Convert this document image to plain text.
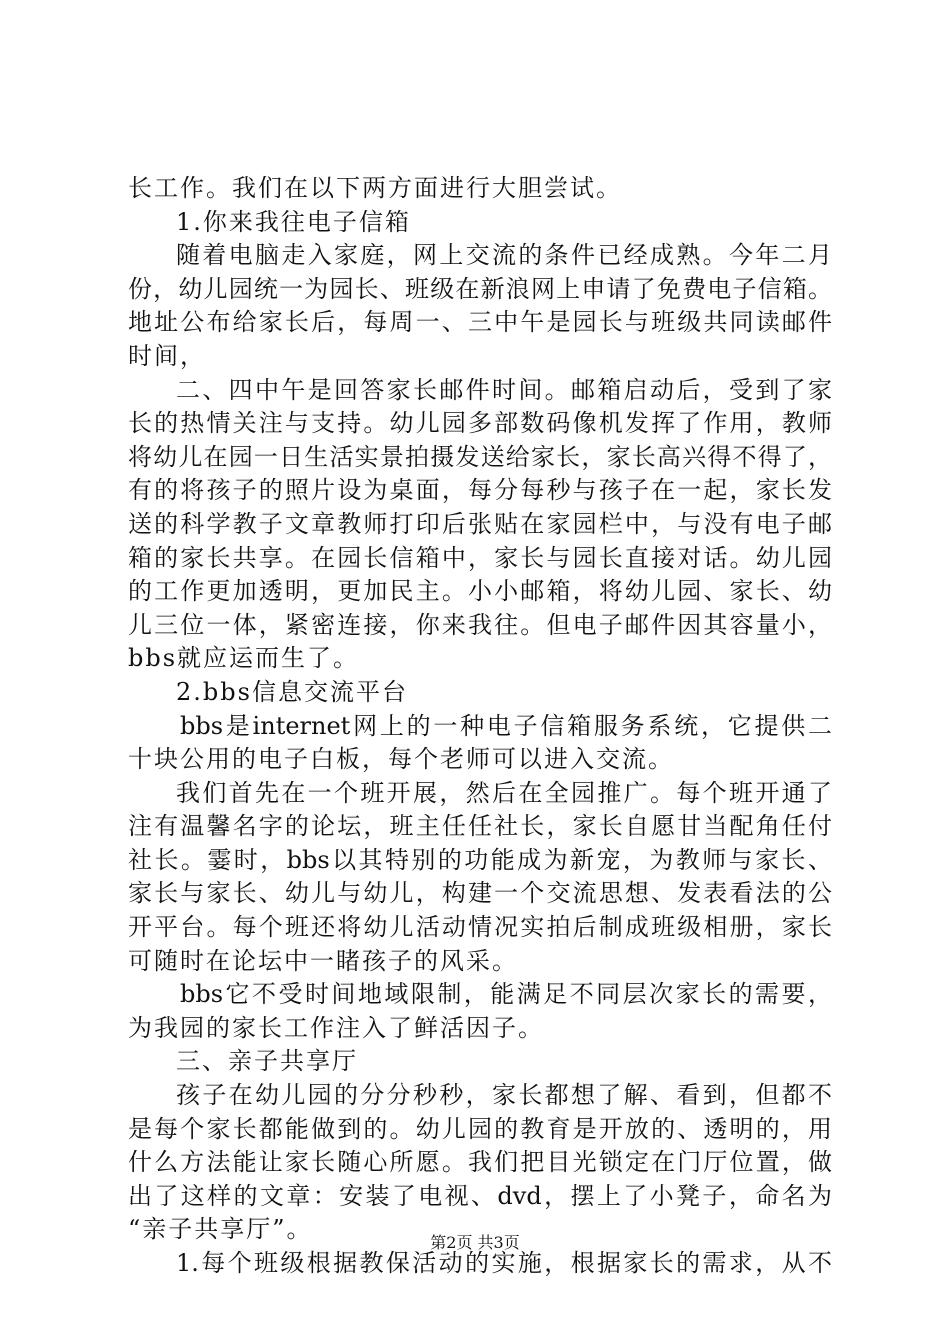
长工作。我们在以下两方面进行大胆尝试。
1.你来我往电子信箱
随着电脑走入家庭，网上交流的条件已经成熟。今年二月
份，幼儿园统一为园长、班级在新浪网上申请了免费电子信箱。
地址公布给家长后，每周一、三中午是园长与班级共同读邮件
时间，
二、四中午是回答家长邮件时间。邮箱启动后，受到了家
长的热情关注与支持。幼儿园多部数码像机发挥了作用，教师
将幼儿在园一日生活实景拍摄发送给家长，家长高兴得不得了，
有的将孩子的照片设为桌面，每分每秒与孩子在一起，家长发
送的科学教子文章教师打印后张贴在家园栏中，与没有电子邮
箱的家长共享。在园长信箱中，家长与园长直接对话。幼儿园
的工作更加透明，更加民主。小小邮箱，将幼儿园、家长、幼
儿三位一体，紧密连接，你来我往。但电子邮件因其容量小，
bbs就应运而生了。
2.bbs信息交流平台
bbs是internet网上的一种电子信箱服务系统，它提供二
十块公用的电子白板，每个老师可以进入交流。
我们首先在一个班开展，然后在全园推广。每个班开通了
注有温馨名字的论坛，班主任任社长，家长自愿甘当配角任付
社长。霎时，bbs以其特别的功能成为新宠，为教师与家长、
家长与家长、幼儿与幼儿，构建一个交流思想、发表看法的公
开平台。每个班还将幼儿活动情况实拍后制成班级相册，家长
可随时在论坛中一睹孩子的风采。
bbs它不受时间地域限制，能满足不同层次家长的需要，
为我园的家长工作注入了鲜活因子。
三、亲子共享厅
孩子在幼儿园的分分秒秒，家长都想了解、看到，但都不
是每个家长都能做到的。幼儿园的教育是开放的、透明的，用
什么方法能让家长随心所愿。我们把目光锁定在门厅位置，做
出了这样的文章：安装了电视、dvd，摆上了小凳子，命名为
“亲子共享厅”。
1.每个班级根据教保活动的实施，根据家长的需求，从不
第2页 共3页
